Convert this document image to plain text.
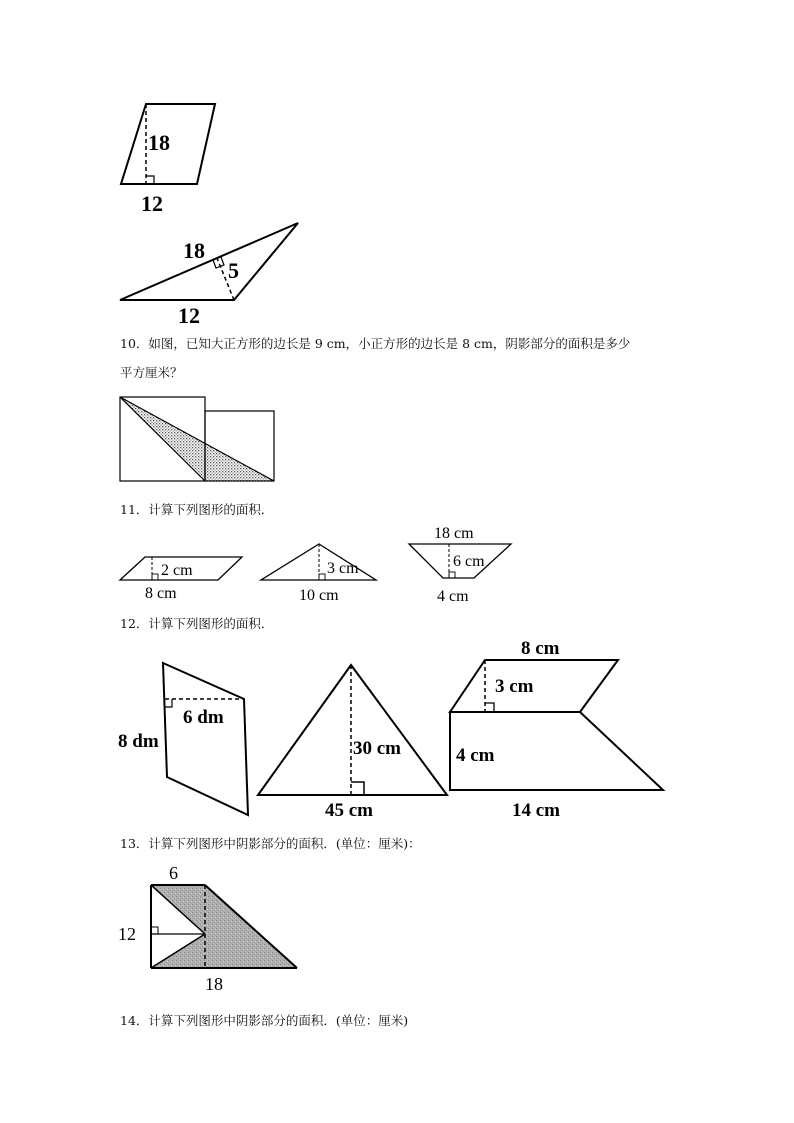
10．如图，已知大正方形的边长是 9 cm，小正方形的边长是 8 cm，阴影部分的面积是多少
平方厘米？
11．计算下列图形的面积．
12．计算下列图形的面积．
13．计算下列图形中阴影部分的面积．(单位：厘米)：
14．计算下列图形中阴影部分的面积．(单位：厘米)
18
12
18
5
12
2 cm
8 cm
3 cm
10 cm
18 cm
6 cm
4 cm
8 dm
6 dm
30 cm
45 cm
8 cm
3 cm
4 cm
14 cm
6
12
18
